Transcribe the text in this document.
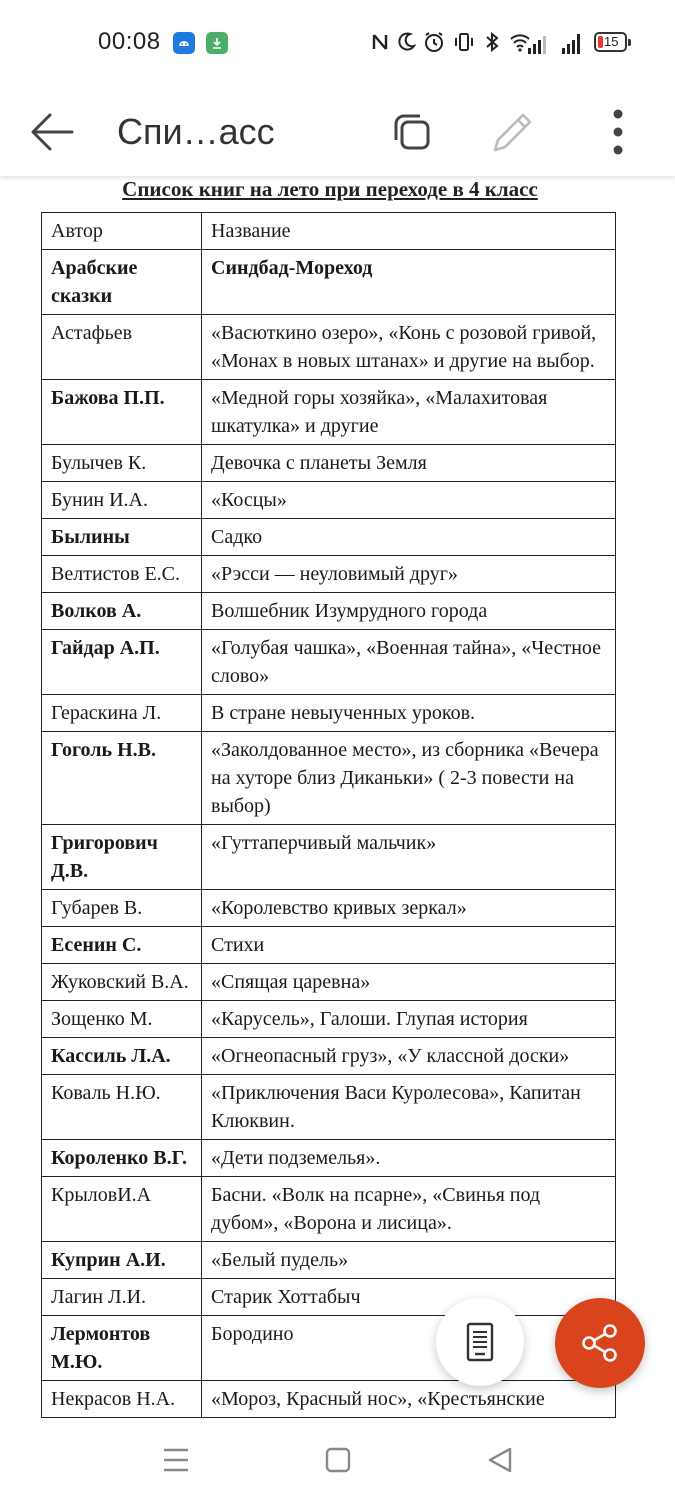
00:08	15
Спи…асс
Список книг на лето при переходе в 4 класс
Автор	Название
Арабские сказки	Синдбад-Мореход
Астафьев	«Васюткино озеро», «Конь с розовой гривой, «Монах в новых штанах» и другие на выбор.
Бажова П.П.	«Медной горы хозяйка», «Малахитовая шкатулка» и другие
Булычев К.	Девочка с планеты Земля
Бунин И.А.	«Косцы»
Былины	Садко
Велтистов Е.С.	«Рэсси — неуловимый друг»
Волков А.	Волшебник Изумрудного города
Гайдар А.П.	«Голубая чашка», «Военная тайна», «Честное слово»
Гераскина Л.	В стране невыученных уроков.
Гоголь Н.В.	«Заколдованное место», из сборника «Вечера на хуторе близ Диканьки» ( 2-3 повести на выбор)
Григорович Д.В.	«Гуттаперчивый мальчик»
Губарев В.	«Королевство кривых зеркал»
Есенин С.	Стихи
Жуковский В.А.	«Спящая царевна»
Зощенко М.	«Карусель», Галоши. Глупая история
Кассиль Л.А.	«Огнеопасный груз», «У классной доски»
Коваль Н.Ю.	«Приключения Васи Куролесова», Капитан Клюквин.
Короленко В.Г.	«Дети подземелья».
КрыловИ.А	Басни. «Волк на псарне», «Свинья под дубом», «Ворона и лисица».
Куприн А.И.	«Белый пудель»
Лагин Л.И.	Старик Хоттабыч
Лермонтов М.Ю.	Бородино
Некрасов Н.А.	«Мороз, Красный нос», «Крестьянские
